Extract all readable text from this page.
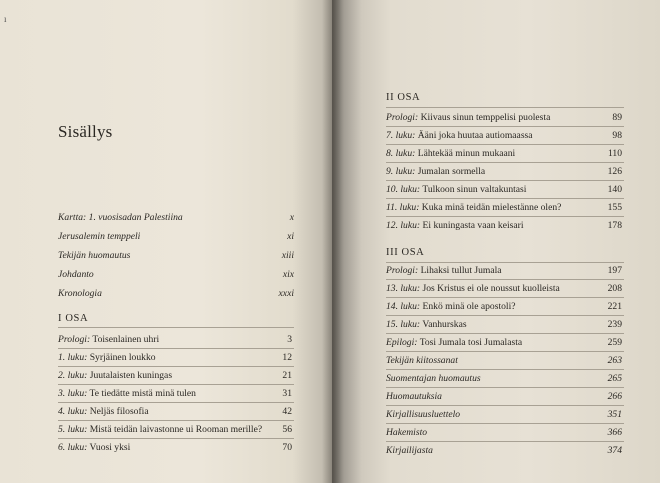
ı
Sisällys
Kartta: 1. vuosisadan Palestiina	x
Jerusalemin temppeli	xi
Tekijän huomautus	xiii
Johdanto	xix
Kronologia	xxxi
I OSA
Prologi: Toisenlainen uhri	3
1. luku: Syrjäinen loukko	12
2. luku: Juutalaisten kuningas	21
3. luku: Te tiedätte mistä minä tulen	31
4. luku: Neljäs filosofia	42
5. luku: Mistä teidän laivastonne ui Rooman merille? 56
6. luku: Vuosi yksi	70
II OSA
Prologi: Kiivaus sinun temppelisi puolesta	89
7. luku: Ääni joka huutaa autiomaassa	98
8. luku: Lähtekää minun mukaani	110
9. luku: Jumalan sormella	126
10. luku: Tulkoon sinun valtakuntasi	140
11. luku: Kuka minä teidän mielestänne olen?	155
12. luku: Ei kuningasta vaan keisari	178
III OSA
Prologi: Lihaksi tullut Jumala	197
13. luku: Jos Kristus ei ole noussut kuolleista	208
14. luku: Enkö minä ole apostoli?	221
15. luku: Vanhurskas	239
Epilogi: Tosi Jumala tosi Jumalasta	259
Tekijän kiitossanat	263
Suomentajan huomautus	265
Huomautuksia	266
Kirjallisuusluettelo	351
Hakemisto	366
Kirjailijasta	374
